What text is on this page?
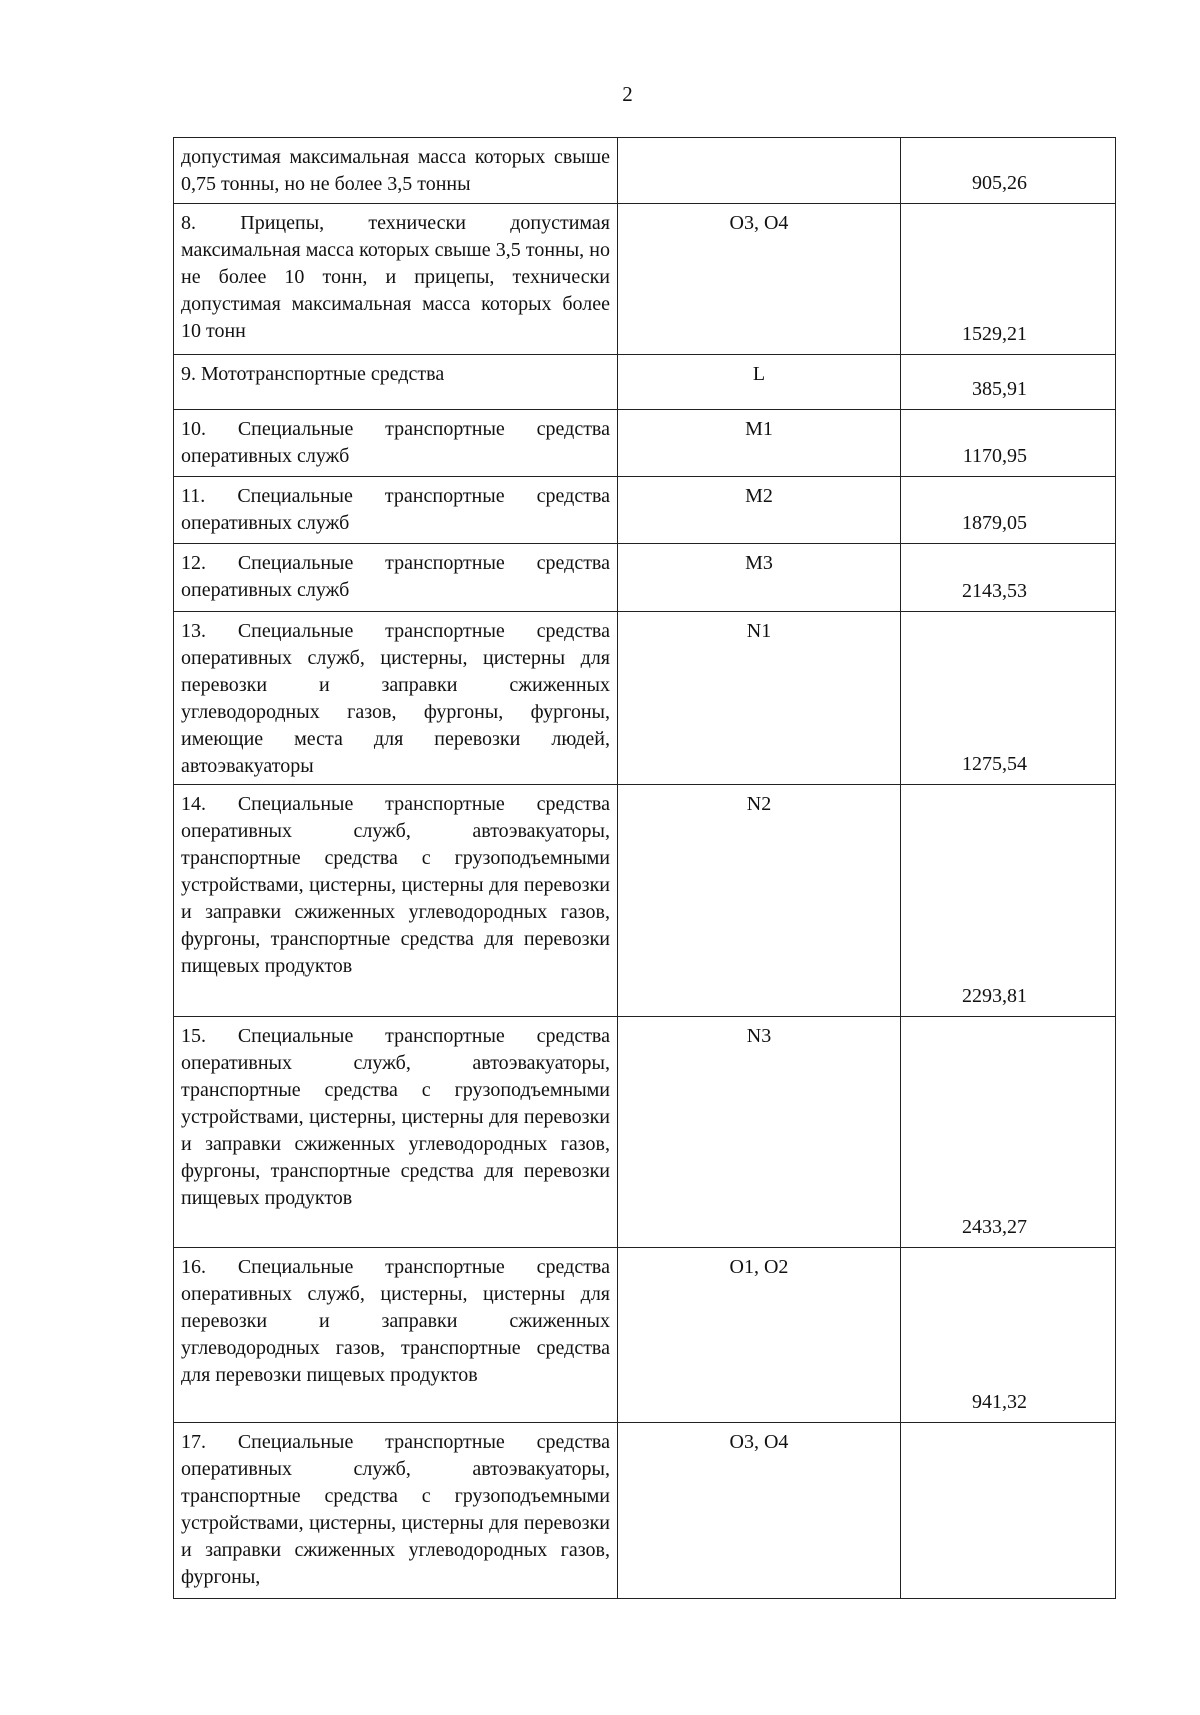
2
допустимая максимальная масса которых свыше 0,75 тонны, но не более 3,5 тонны		905,26

8. Прицепы, технически допустимая максимальная масса которых свыше 3,5 тонны, но не более 10 тонн, и прицепы, технически допустимая максимальная масса которых более 10 тонн	О3, О4	1529,21

9. Мототранспортные средства	L	385,91

10. Специальные транспортные средства оперативных служб	M1	1170,95

11. Специальные транспортные средства оперативных служб	M2	1879,05

12. Специальные транспортные средства оперативных служб	M3	2143,53

13. Специальные транспортные средства оперативных служб, цистерны, цистерны для перевозки и заправки сжиженных углеводородных газов, фургоны, фургоны, имеющие места для перевозки людей, автоэвакуаторы	N1	1275,54

14. Специальные транспортные средства оперативных служб, автоэвакуаторы, транспортные средства с грузоподъемными устройствами, цистерны, цистерны для перевозки и заправки сжиженных углеводородных газов, фургоны, транспортные средства для перевозки пищевых продуктов	N2	2293,81

15. Специальные транспортные средства оперативных служб, автоэвакуаторы, транспортные средства с грузоподъемными устройствами, цистерны, цистерны для перевозки и заправки сжиженных углеводородных газов, фургоны, транспортные средства для перевозки пищевых продуктов	N3	2433,27

16. Специальные транспортные средства оперативных служб, цистерны, цистерны для перевозки и заправки сжиженных углеводородных газов, транспортные средства для перевозки пищевых продуктов	О1, О2	941,32

17. Специальные транспортные средства оперативных служб, автоэвакуаторы, транспортные средства с грузоподъемными устройствами, цистерны, цистерны для перевозки и заправки сжиженных углеводородных газов, фургоны,	О3, О4	
